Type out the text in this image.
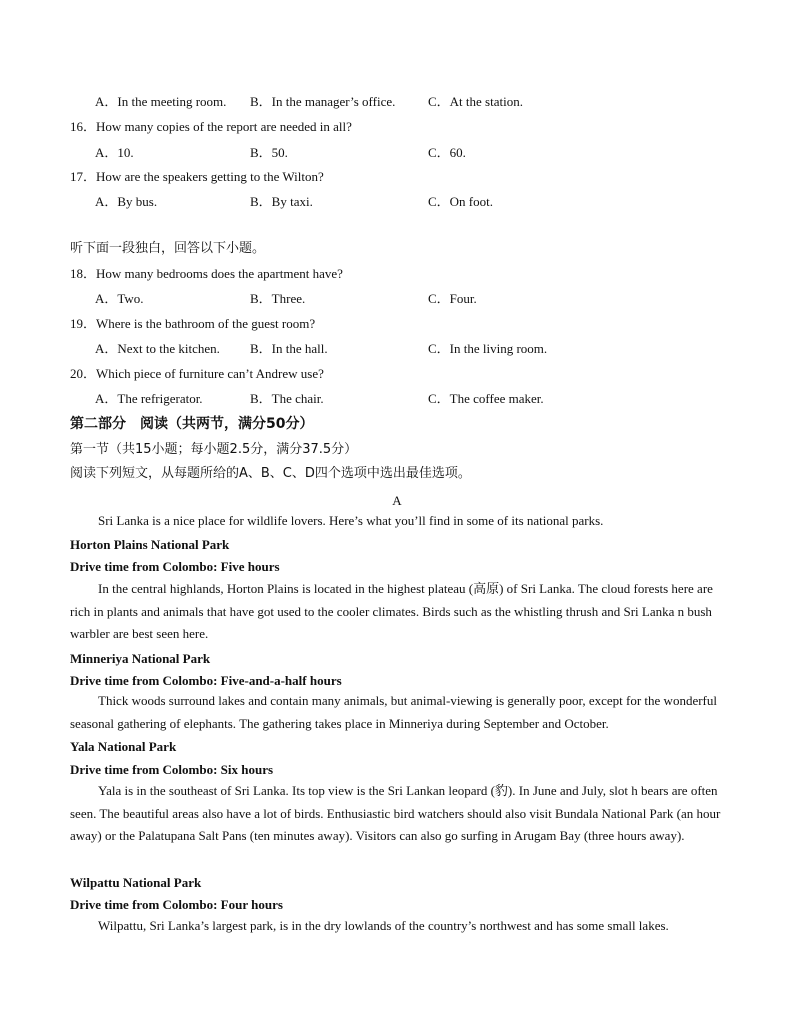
A．In the meeting room. B．In the manager’s office.	C．At the station.
16．How many copies of the report are needed in all?
A．10.	B．50.	C．60.
17．How are the speakers getting to the Wilton?
A．By bus.	B．By taxi.	C．On foot.
听下面一段独白，回答以下小题。
18．How many bedrooms does the apartment have?
A．Two.	B．Three.	C．Four.
19．Where is the bathroom of the guest room?
A．Next to the kitchen. B．In the hall.	C．In the living room.
20．Which piece of furniture can’t Andrew use?
A．The refrigerator.	B．The chair.	C．The coffee maker.
第二部分　阅读（共两节，满分50分）
第一节（共15小题；每小题2.5分，满分37.5分）
阅读下列短文，从每题所给的A、B、C、D四个选项中选出最佳选项。
A
Sri Lanka is a nice place for wildlife lovers. Here’s what you’ll find in some of its national parks.
Horton Plains National Park
Drive time from Colombo: Five hours
In the central highlands, Horton Plains is located in the highest plateau (高原) of Sri Lanka. The cloud forests here are rich in plants and animals that have got used to the cooler climates. Birds such as the whistling thrush and Sri Lanka n bush warbler are best seen here.
Minneriya National Park
Drive time from Colombo: Five-and-a-half hours
Thick woods surround lakes and contain many animals, but animal-viewing is generally poor, except for the wonderful seasonal gathering of elephants. The gathering takes place in Minneriya during September and October.
Yala National Park
Drive time from Colombo: Six hours
Yala is in the southeast of Sri Lanka. Its top view is the Sri Lankan leopard (豹). In June and July, slot h bears are often seen. The beautiful areas also have a lot of birds. Enthusiastic bird watchers should also visit Bundala National Park (an hour away) or the Palatupana Salt Pans (ten minutes away). Visitors can also go surfing in Arugam Bay (three hours away).
Wilpattu National Park
Drive time from Colombo: Four hours
Wilpattu, Sri Lanka’s largest park, is in the dry lowlands of the country’s northwest and has some small lakes.
